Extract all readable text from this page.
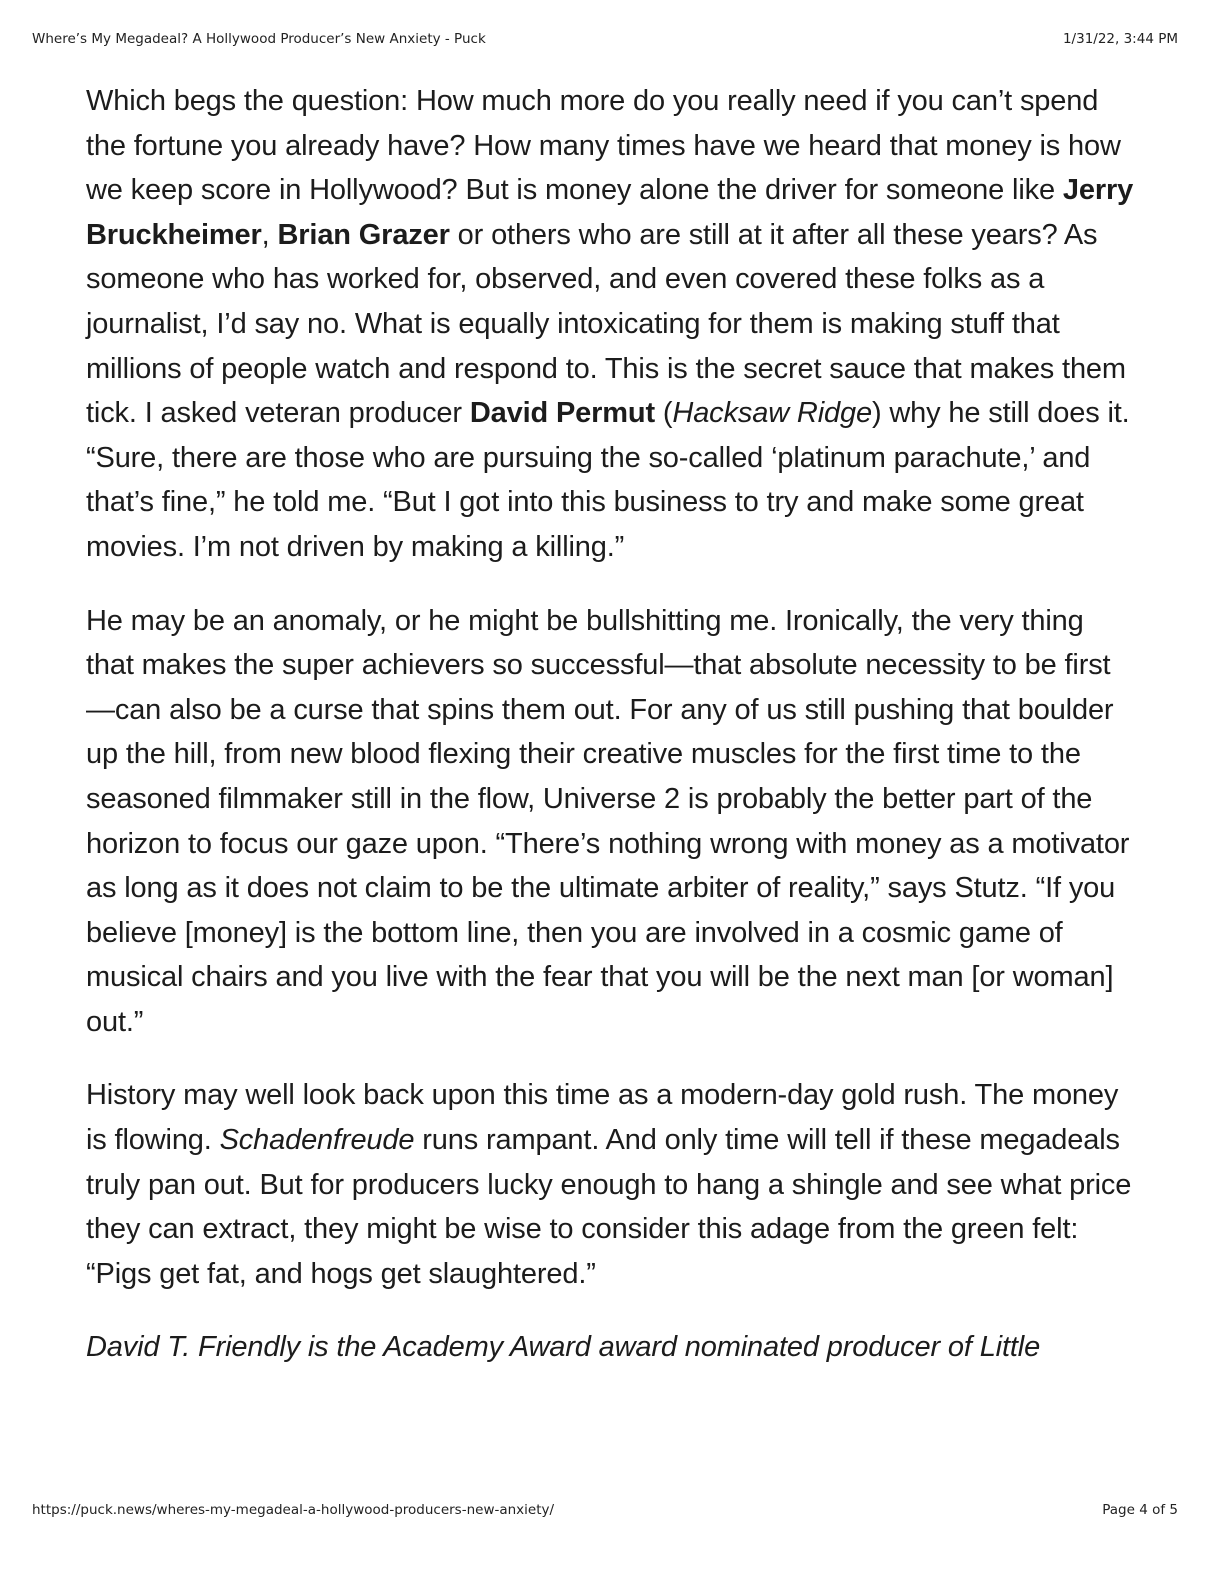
Where’s My Megadeal? A Hollywood Producer’s New Anxiety - Puck	1/31/22, 3:44 PM

Which begs the question: How much more do you really need if you can’t spend the fortune you already have? How many times have we heard that money is how we keep score in Hollywood? But is money alone the driver for someone like Jerry Bruckheimer, Brian Grazer or others who are still at it after all these years? As someone who has worked for, observed, and even covered these folks as a journalist, I’d say no. What is equally intoxicating for them is making stuff that millions of people watch and respond to. This is the secret sauce that makes them tick. I asked veteran producer David Permut (Hacksaw Ridge) why he still does it. “Sure, there are those who are pursuing the so-called ‘platinum parachute,’ and that’s fine,” he told me. “But I got into this business to try and make some great movies. I’m not driven by making a killing.”

He may be an anomaly, or he might be bullshitting me. Ironically, the very thing that makes the super achievers so successful—that absolute necessity to be first—can also be a curse that spins them out. For any of us still pushing that boulder up the hill, from new blood flexing their creative muscles for the first time to the seasoned filmmaker still in the flow, Universe 2 is probably the better part of the horizon to focus our gaze upon. “There’s nothing wrong with money as a motivator as long as it does not claim to be the ultimate arbiter of reality,” says Stutz. “If you believe [money] is the bottom line, then you are involved in a cosmic game of musical chairs and you live with the fear that you will be the next man [or woman] out.”

History may well look back upon this time as a modern-day gold rush. The money is flowing. Schadenfreude runs rampant. And only time will tell if these megadeals truly pan out. But for producers lucky enough to hang a shingle and see what price they can extract, they might be wise to consider this adage from the green felt: “Pigs get fat, and hogs get slaughtered.”

David T. Friendly is the Academy Award award nominated producer of Little

https://puck.news/wheres-my-megadeal-a-hollywood-producers-new-anxiety/	Page 4 of 5
